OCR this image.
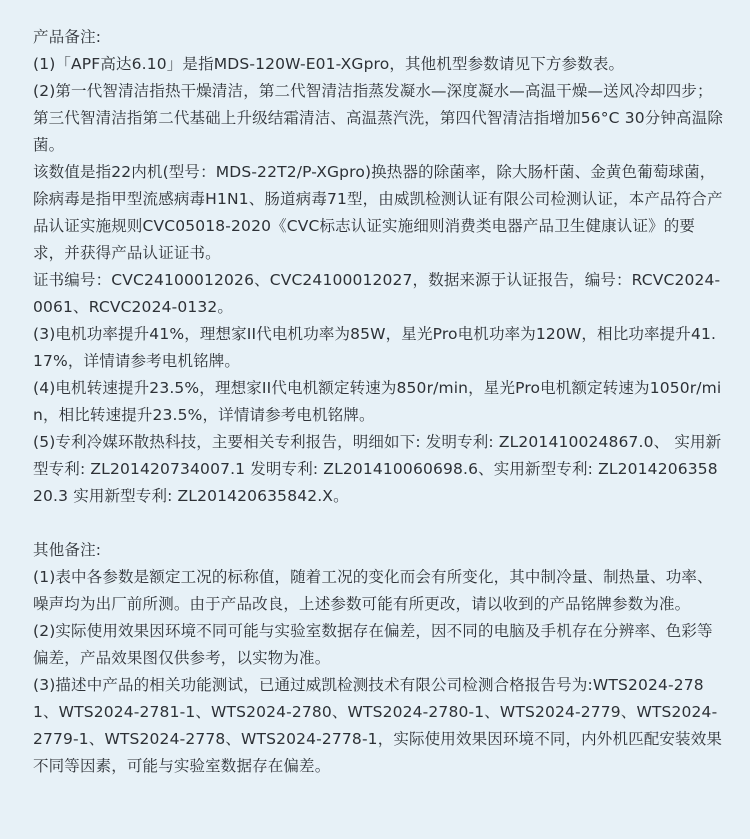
产品备注:

(1)「APF高达6.10」是指MDS-120W-E01-XGpro，其他机型参数请见下方参数表。

(2)第一代智清洁指热干燥清洁，第二代智清洁指蒸发凝水—深度凝水—高温干燥—送风冷却四步；第三代智清洁指第二代基础上升级结霜清洁、高温蒸汽洗，第四代智清洁指增加56°C 30分钟高温除菌。

该数值是指22内机(型号：MDS-22T2/P-XGpro)换热器的除菌率，除大肠杆菌、金黄色葡萄球菌，除病毒是指甲型流感病毒H1N1、肠道病毒71型，由威凯检测认证有限公司检测认证，本产品符合产品认证实施规则CVC05018-2020《CVC标志认证实施细则消费类电器产品卫生健康认证》的要求，并获得产品认证证书。

证书编号：CVC24100012026、CVC24100012027，数据来源于认证报告，编号：RCVC2024-0061、RCVC2024-0132。

(3)电机功率提升41%，理想家II代电机功率为85W，星光Pro电机功率为120W，相比功率提升41.17%，详情请参考电机铭牌。

(4)电机转速提升23.5%，理想家II代电机额定转速为850r/min，星光Pro电机额定转速为1050r/min，相比转速提升23.5%，详情请参考电机铭牌。

(5)专利冷媒环散热科技，主要相关专利报告，明细如下: 发明专利: ZL201410024867.0、 实用新型专利: ZL201420734007.1 发明专利: ZL201410060698.6、实用新型专利: ZL201420635820.3 实用新型专利: ZL201420635842.X。

其他备注:

(1)表中各参数是额定工况的标称值，随着工况的变化而会有所变化，其中制冷量、制热量、功率、噪声均为出厂前所测。由于产品改良，上述参数可能有所更改，请以收到的产品铭牌参数为准。

(2)实际使用效果因环境不同可能与实验室数据存在偏差，因不同的电脑及手机存在分辨率、色彩等偏差，产品效果图仅供参考，以实物为准。

(3)描述中产品的相关功能测试，已通过威凯检测技术有限公司检测合格报告号为:WTS2024-2781、WTS2024-2781-1、WTS2024-2780、WTS2024-2780-1、WTS2024-2779、WTS2024-2779-1、WTS2024-2778、WTS2024-2778-1，实际使用效果因环境不同，内外机匹配安装效果不同等因素，可能与实验室数据存在偏差。
